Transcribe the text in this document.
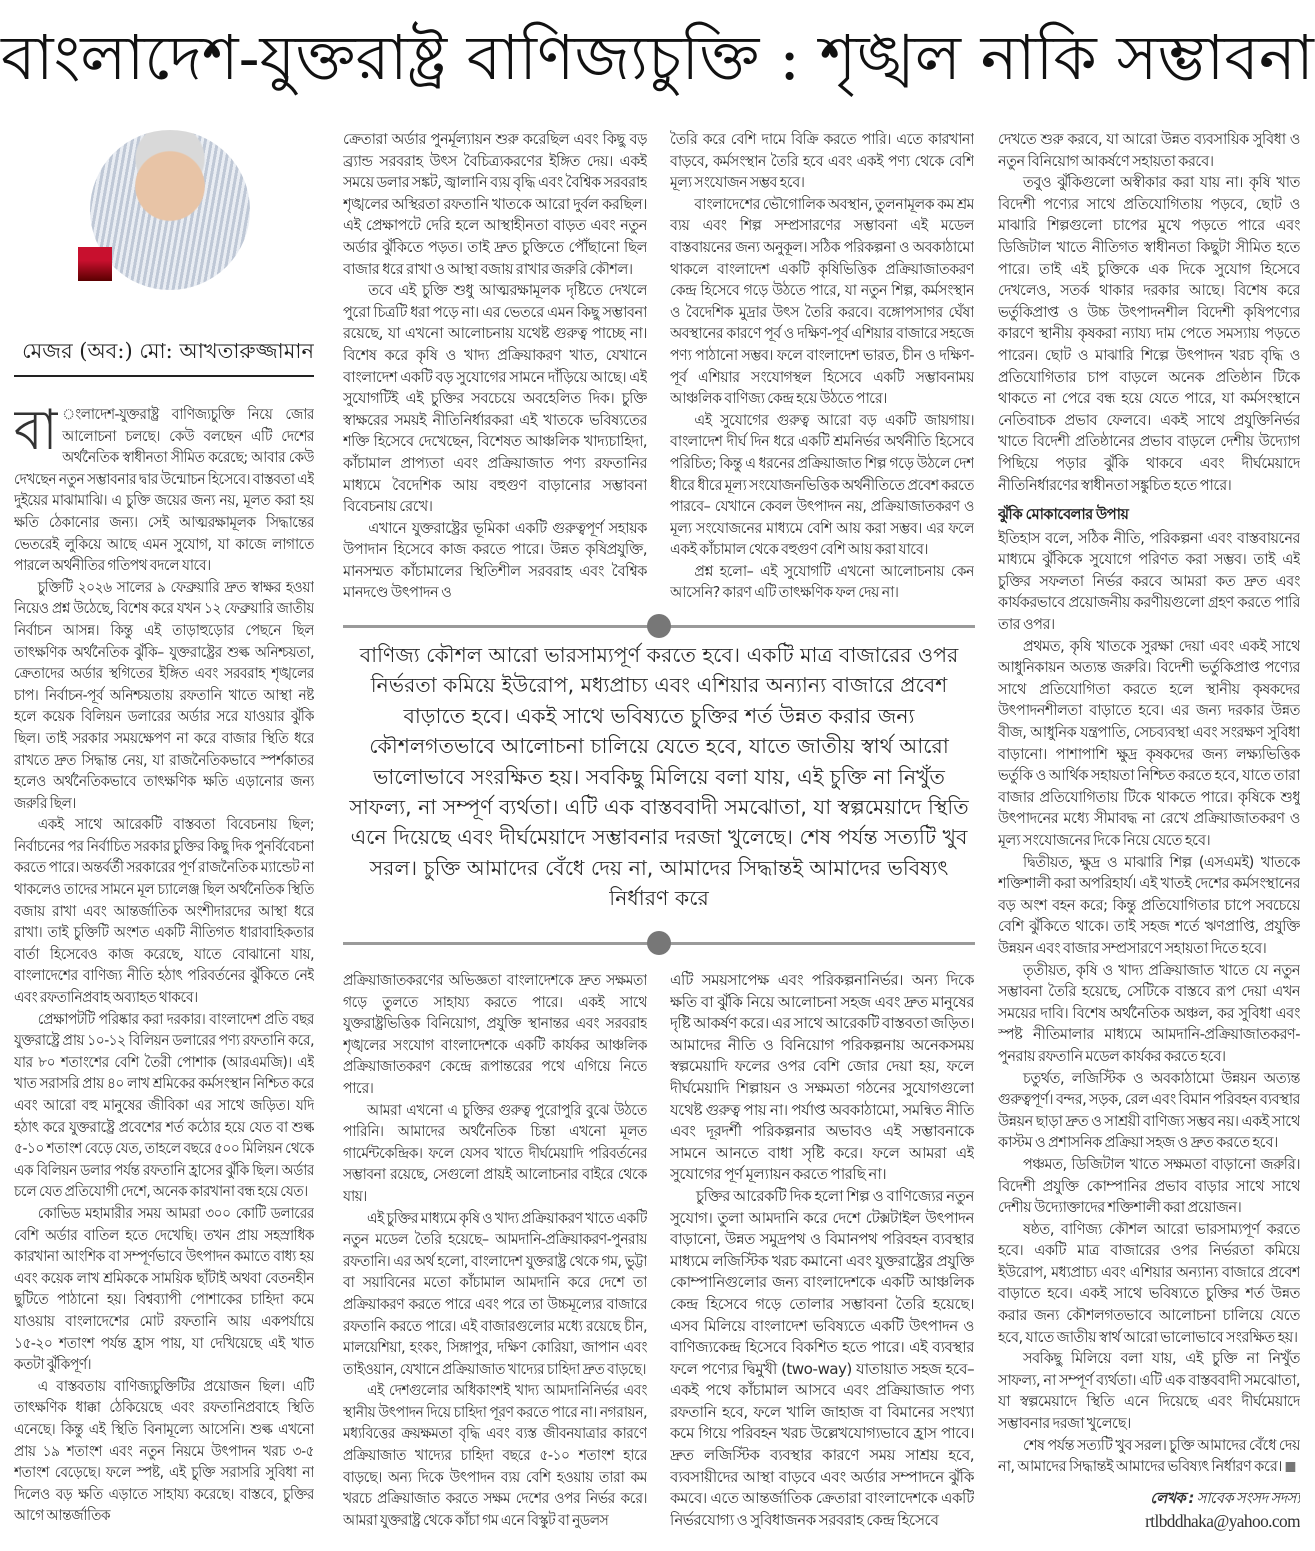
বাংলাদেশ-যুক্তরাষ্ট্র বাণিজ্যচুক্তি : শৃঙ্খল নাকি সম্ভাবনা
মেজর (অব:) মো: আখতারুজ্জামান

বা ংলাদেশ-যুক্তরাষ্ট্র বাণিজ্যচুক্তি নিয়ে জোর আলোচনা চলছে। কেউ বলছেন এটি দেশের অর্থনৈতিক স্বাধীনতা সীমিত করেছে; আবার কেউ দেখছেন নতুন সম্ভাবনার দ্বার উন্মোচন হিসেবে। বাস্তবতা এই দুইয়ের মাঝামাঝি। এ চুক্তি জয়ের জন্য নয়, মূলত করা হয় ক্ষতি ঠেকানোর জন্য। সেই আত্মরক্ষামূলক সিদ্ধান্তের ভেতরেই লুকিয়ে আছে এমন সুযোগ, যা কাজে লাগাতে পারলে অর্থনীতির গতিপথ বদলে যাবে।

চুক্তিটি ২০২৬ সালের ৯ ফেব্রুয়ারি দ্রুত স্বাক্ষর হওয়া নিয়েও প্রশ্ন উঠেছে, বিশেষ করে যখন ১২ ফেব্রুয়ারি জাতীয় নির্বাচন আসন্ন। কিন্তু এই তাড়াহুড়োর পেছনে ছিল তাৎক্ষণিক অর্থনৈতিক ঝুঁকি– যুক্তরাষ্ট্রের শুল্ক অনিশ্চয়তা, ক্রেতাদের অর্ডার স্থগিতের ইঙ্গিত এবং সরবরাহ শৃঙ্খলের চাপ। নির্বাচন-পূর্ব অনিশ্চয়তায় রফতানি খাতে আস্থা নষ্ট হলে কয়েক বিলিয়ন ডলারের অর্ডার সরে যাওয়ার ঝুঁকি ছিল। তাই সরকার সময়ক্ষেপণ না করে বাজার স্থিতি ধরে রাখতে দ্রুত সিদ্ধান্ত নেয়, যা রাজনৈতিকভাবে স্পর্শকাতর হলেও অর্থনৈতিকভাবে তাৎক্ষণিক ক্ষতি এড়ানোর জন্য জরুরি ছিল।

একই সাথে আরেকটি বাস্তবতা বিবেচনায় ছিল; নির্বাচনের পর নির্বাচিত সরকার চুক্তির কিছু দিক পুনর্বিবেচনা করতে পারে। অন্তর্বর্তী সরকারের পূর্ণ রাজনৈতিক ম্যান্ডেট না থাকলেও তাদের সামনে মূল চ্যালেঞ্জ ছিল অর্থনৈতিক স্থিতি বজায় রাখা এবং আন্তর্জাতিক অংশীদারদের আস্থা ধরে রাখা। তাই চুক্তিটি অংশত একটি নীতিগত ধারাবাহিকতার বার্তা হিসেবেও কাজ করেছে, যাতে বোঝানো যায়, বাংলাদেশের বাণিজ্য নীতি হঠাৎ পরিবর্তনের ঝুঁকিতে নেই এবং রফতানিপ্রবাহ অব্যাহত থাকবে।

প্রেক্ষাপটটি পরিষ্কার করা দরকার। বাংলাদেশ প্রতি বছর যুক্তরাষ্ট্রে প্রায় ১০-১২ বিলিয়ন ডলারের পণ্য রফতানি করে, যার ৮০ শতাংশের বেশি তৈরী পোশাক (আরএমজি)। এই খাত সরাসরি প্রায় ৪০ লাখ শ্রমিকের কর্মসংস্থান নিশ্চিত করে এবং আরো বহু মানুষের জীবিকা এর সাথে জড়িত। যদি হঠাৎ করে যুক্তরাষ্ট্রে প্রবেশের শর্ত কঠোর হয়ে যেত বা শুল্ক ৫-১০ শতাংশ বেড়ে যেত, তাহলে বছরে ৫০০ মিলিয়ন থেকে এক বিলিয়ন ডলার পর্যন্ত রফতানি হ্রাসের ঝুঁকি ছিল। অর্ডার চলে যেত প্রতিযোগী দেশে, অনেক কারখানা বন্ধ হয়ে যেত।

কোভিড মহামারীর সময় আমরা ৩০০ কোটি ডলারের বেশি অর্ডার বাতিল হতে দেখেছি। তখন প্রায় সহস্রাধিক কারখানা আংশিক বা সম্পূর্ণভাবে উৎপাদন কমাতে বাধ্য হয় এবং কয়েক লাখ শ্রমিককে সাময়িক ছাঁটাই অথবা বেতনহীন ছুটিতে পাঠানো হয়। বিশ্বব্যাপী পোশাকের চাহিদা কমে যাওয়ায় বাংলাদেশের মোট রফতানি আয় একপর্যায়ে ১৫-২০ শতাংশ পর্যন্ত হ্রাস পায়, যা দেখিয়েছে এই খাত কতটা ঝুঁকিপূর্ণ।

এ বাস্তবতায় বাণিজ্যচুক্তিটির প্রয়োজন ছিল। এটি তাৎক্ষণিক ধাক্কা ঠেকিয়েছে এবং রফতানিপ্রবাহে স্থিতি এনেছে। কিন্তু এই স্থিতি বিনামূল্যে আসেনি। শুল্ক এখনো প্রায় ১৯ শতাংশ এবং নতুন নিয়মে উৎপাদন খরচ ৩-৫ শতাংশ বেড়েছে। ফলে স্পষ্ট, এই চুক্তি সরাসরি সুবিধা না দিলেও বড় ক্ষতি এড়াতে সাহায্য করেছে। বাস্তবে, চুক্তির আগে আন্তর্জাতিক

ক্রেতারা অর্ডার পুনর্মূল্যায়ন শুরু করেছিল এবং কিছু বড় ব্র্যান্ড সরবরাহ উৎস বৈচিত্র্যকরণের ইঙ্গিত দেয়। একই সময়ে ডলার সঙ্কট, জ্বালানি ব্যয় বৃদ্ধি এবং বৈশ্বিক সরবরাহ শৃঙ্খলের অস্থিরতা রফতানি খাতকে আরো দুর্বল করছিল। এই প্রেক্ষাপটে দেরি হলে আস্থাহীনতা বাড়ত এবং নতুন অর্ডার ঝুঁকিতে পড়ত। তাই দ্রুত চুক্তিতে পৌঁছানো ছিল বাজার ধরে রাখা ও আস্থা বজায় রাখার জরুরি কৌশল।

তবে এই চুক্তি শুধু আত্মরক্ষামূলক দৃষ্টিতে দেখলে পুরো চিত্রটি ধরা পড়ে না। এর ভেতরে এমন কিছু সম্ভাবনা রয়েছে, যা এখনো আলোচনায় যথেষ্ট গুরুত্ব পাচ্ছে না। বিশেষ করে কৃষি ও খাদ্য প্রক্রিয়াকরণ খাত, যেখানে বাংলাদেশ একটি বড় সুযোগের সামনে দাঁড়িয়ে আছে। এই সুযোগটিই এই চুক্তির সবচেয়ে অবহেলিত দিক। চুক্তি স্বাক্ষরের সময়ই নীতিনির্ধারকরা এই খাতকে ভবিষ্যতের শক্তি হিসেবে দেখেছেন, বিশেষত আঞ্চলিক খাদ্যচাহিদা, কাঁচামাল প্রাপ্যতা এবং প্রক্রিয়াজাত পণ্য রফতানির মাধ্যমে বৈদেশিক আয় বহুগুণ বাড়ানোর সম্ভাবনা বিবেচনায় রেখে।

এখানে যুক্তরাষ্ট্রের ভূমিকা একটি গুরুত্বপূর্ণ সহায়ক উপাদান হিসেবে কাজ করতে পারে। উন্নত কৃষিপ্রযুক্তি, মানসম্মত কাঁচামালের স্থিতিশীল সরবরাহ এবং বৈশ্বিক মানদণ্ডে উৎপাদন ও

তৈরি করে বেশি দামে বিক্রি করতে পারি। এতে কারখানা বাড়বে, কর্মসংস্থান তৈরি হবে এবং একই পণ্য থেকে বেশি মূল্য সংযোজন সম্ভব হবে।

বাংলাদেশের ভৌগোলিক অবস্থান, তুলনামূলক কম শ্রম ব্যয় এবং শিল্প সম্প্রসারণের সম্ভাবনা এই মডেল বাস্তবায়নের জন্য অনুকূল। সঠিক পরিকল্পনা ও অবকাঠামো থাকলে বাংলাদেশ একটি কৃষিভিত্তিক প্রক্রিয়াজাতকরণ কেন্দ্র হিসেবে গড়ে উঠতে পারে, যা নতুন শিল্প, কর্মসংস্থান ও বৈদেশিক মুদ্রার উৎস তৈরি করবে। বঙ্গোপসাগর ঘেঁষা অবস্থানের কারণে পূর্ব ও দক্ষিণ-পূর্ব এশিয়ার বাজারে সহজে পণ্য পাঠানো সম্ভব। ফলে বাংলাদেশ ভারত, চীন ও দক্ষিণ-পূর্ব এশিয়ার সংযোগস্থল হিসেবে একটি সম্ভাবনাময় আঞ্চলিক বাণিজ্য কেন্দ্র হয়ে উঠতে পারে।

এই সুযোগের গুরুত্ব আরো বড় একটি জায়গায়। বাংলাদেশ দীর্ঘ দিন ধরে একটি শ্রমনির্ভর অর্থনীতি হিসেবে পরিচিত; কিন্তু এ ধরনের প্রক্রিয়াজাত শিল্প গড়ে উঠলে দেশ ধীরে ধীরে মূল্য সংযোজনভিত্তিক অর্থনীতিতে প্রবেশ করতে পারবে– যেখানে কেবল উৎপাদন নয়, প্রক্রিয়াজাতকরণ ও মূল্য সংযোজনের মাধ্যমে বেশি আয় করা সম্ভব। এর ফলে একই কাঁচামাল থেকে বহুগুণ বেশি আয় করা যাবে।

প্রশ্ন হলো– এই সুযোগটি এখনো আলোচনায় কেন আসেনি? কারণ এটি তাৎক্ষণিক ফল দেয় না।

বাণিজ্য কৌশল আরো ভারসাম্যপূর্ণ করতে হবে। একটি মাত্র বাজারের ওপর নির্ভরতা কমিয়ে ইউরোপ, মধ্যপ্রাচ্য এবং এশিয়ার অন্যান্য বাজারে প্রবেশ বাড়াতে হবে। একই সাথে ভবিষ্যতে চুক্তির শর্ত উন্নত করার জন্য কৌশলগতভাবে আলোচনা চালিয়ে যেতে হবে, যাতে জাতীয় স্বার্থ আরো ভালোভাবে সংরক্ষিত হয়। সবকিছু মিলিয়ে বলা যায়, এই চুক্তি না নিখুঁত সাফল্য, না সম্পূর্ণ ব্যর্থতা। এটি এক বাস্তববাদী সমঝোতা, যা স্বল্পমেয়াদে স্থিতি এনে দিয়েছে এবং দীর্ঘমেয়াদে সম্ভাবনার দরজা খুলেছে। শেষ পর্যন্ত সত্যটি খুব সরল। চুক্তি আমাদের বেঁধে দেয় না, আমাদের সিদ্ধান্তই আমাদের ভবিষ্যৎ নির্ধারণ করে

প্রক্রিয়াজাতকরণের অভিজ্ঞতা বাংলাদেশকে দ্রুত সক্ষমতা গড়ে তুলতে সাহায্য করতে পারে। একই সাথে যুক্তরাষ্ট্রভিত্তিক বিনিয়োগ, প্রযুক্তি স্থানান্তর এবং সরবরাহ শৃঙ্খলের সংযোগ বাংলাদেশকে একটি কার্যকর আঞ্চলিক প্রক্রিয়াজাতকরণ কেন্দ্রে রূপান্তরের পথে এগিয়ে নিতে পারে।

আমরা এখনো এ চুক্তির গুরুত্ব পুরোপুরি বুঝে উঠতে পারিনি। আমাদের অর্থনৈতিক চিন্তা এখনো মূলত গার্মেন্টকেন্দ্রিক। ফলে যেসব খাতে দীর্ঘমেয়াদি পরিবর্তনের সম্ভাবনা রয়েছে, সেগুলো প্রায়ই আলোচনার বাইরে থেকে যায়।

এই চুক্তির মাধ্যমে কৃষি ও খাদ্য প্রক্রিয়াকরণ খাতে একটি নতুন মডেল তৈরি হয়েছে– আমদানি-প্রক্রিয়াকরণ-পুনরায় রফতানি। এর অর্থ হলো, বাংলাদেশ যুক্তরাষ্ট্র থেকে গম, ভুট্টা বা সয়াবিনের মতো কাঁচামাল আমদানি করে দেশে তা প্রক্রিয়াকরণ করতে পারে এবং পরে তা উচ্চমূল্যের বাজারে রফতানি করতে পারে। এই বাজারগুলোর মধ্যে রয়েছে চীন, মালয়েশিয়া, হংকং, সিঙ্গাপুর, দক্ষিণ কোরিয়া, জাপান এবং তাইওয়ান, যেখানে প্রক্রিয়াজাত খাদ্যের চাহিদা দ্রুত বাড়ছে।

এই দেশগুলোর অধিকাংশই খাদ্য আমদানিনির্ভর এবং স্থানীয় উৎপাদন দিয়ে চাহিদা পূরণ করতে পারে না। নগরায়ন, মধ্যবিত্তের ক্রয়ক্ষমতা বৃদ্ধি এবং ব্যস্ত জীবনযাত্রার কারণে প্রক্রিয়াজাত খাদ্যের চাহিদা বছরে ৫-১০ শতাংশ হারে বাড়ছে। অন্য দিকে উৎপাদন ব্যয় বেশি হওয়ায় তারা কম খরচে প্রক্রিয়াজাত করতে সক্ষম দেশের ওপর নির্ভর করে। আমরা যুক্তরাষ্ট্র থেকে কাঁচা গম এনে বিস্কুট বা নুডলস

এটি সময়সাপেক্ষ এবং পরিকল্পনানির্ভর। অন্য দিকে ক্ষতি বা ঝুঁকি নিয়ে আলোচনা সহজ এবং দ্রুত মানুষের দৃষ্টি আকর্ষণ করে। এর সাথে আরেকটি বাস্তবতা জড়িত। আমাদের নীতি ও বিনিয়োগ পরিকল্পনায় অনেকসময় স্বল্পমেয়াদি ফলের ওপর বেশি জোর দেয়া হয়, ফলে দীর্ঘমেয়াদি শিল্পায়ন ও সক্ষমতা গঠনের সুযোগগুলো যথেষ্ট গুরুত্ব পায় না। পর্যাপ্ত অবকাঠামো, সমন্বিত নীতি এবং দূরদর্শী পরিকল্পনার অভাবও এই সম্ভাবনাকে সামনে আনতে বাধা সৃষ্টি করে। ফলে আমরা এই সুযোগের পূর্ণ মূল্যায়ন করতে পারছি না।

চুক্তির আরেকটি দিক হলো শিল্প ও বাণিজ্যের নতুন সুযোগ। তুলা আমদানি করে দেশে টেক্সটাইল উৎপাদন বাড়ানো, উন্নত সমুদ্রপথ ও বিমানপথ পরিবহন ব্যবস্থার মাধ্যমে লজিস্টিক খরচ কমানো এবং যুক্তরাষ্ট্রের প্রযুক্তি কোম্পানিগুলোর জন্য বাংলাদেশকে একটি আঞ্চলিক কেন্দ্র হিসেবে গড়ে তোলার সম্ভাবনা তৈরি হয়েছে। এসব মিলিয়ে বাংলাদেশ ভবিষ্যতে একটি উৎপাদন ও বাণিজ্যকেন্দ্র হিসেবে বিকশিত হতে পারে। এই ব্যবস্থার ফলে পণ্যের দ্বিমুখী (two-way) যাতায়াত সহজ হবে– একই পথে কাঁচামাল আসবে এবং প্রক্রিয়াজাত পণ্য রফতানি হবে, ফলে খালি জাহাজ বা বিমানের সংখ্যা কমে গিয়ে পরিবহন খরচ উল্লেখযোগ্যভাবে হ্রাস পাবে। দ্রুত লজিস্টিক ব্যবস্থার কারণে সময় সাশ্রয় হবে, ব্যবসায়ীদের আস্থা বাড়বে এবং অর্ডার সম্পাদনে ঝুঁকি কমবে। এতে আন্তর্জাতিক ক্রেতারা বাংলাদেশকে একটি নির্ভরযোগ্য ও সুবিধাজনক সরবরাহ কেন্দ্র হিসেবে

দেখতে শুরু করবে, যা আরো উন্নত ব্যবসায়িক সুবিধা ও নতুন বিনিয়োগ আকর্ষণে সহায়তা করবে।

তবুও ঝুঁকিগুলো অস্বীকার করা যায় না। কৃষি খাত বিদেশী পণ্যের সাথে প্রতিযোগিতায় পড়বে, ছোট ও মাঝারি শিল্পগুলো চাপের মুখে পড়তে পারে এবং ডিজিটাল খাতে নীতিগত স্বাধীনতা কিছুটা সীমিত হতে পারে। তাই এই চুক্তিকে এক দিকে সুযোগ হিসেবে দেখলেও, সতর্ক থাকার দরকার আছে। বিশেষ করে ভর্তুকিপ্রাপ্ত ও উচ্চ উৎপাদনশীল বিদেশী কৃষিপণ্যের কারণে স্থানীয় কৃষকরা ন্যায্য দাম পেতে সমস্যায় পড়তে পারেন। ছোট ও মাঝারি শিল্পে উৎপাদন খরচ বৃদ্ধি ও প্রতিযোগিতার চাপ বাড়লে অনেক প্রতিষ্ঠান টিকে থাকতে না পেরে বন্ধ হয়ে যেতে পারে, যা কর্মসংস্থানে নেতিবাচক প্রভাব ফেলবে। একই সাথে প্রযুক্তিনির্ভর খাতে বিদেশী প্রতিষ্ঠানের প্রভাব বাড়লে দেশীয় উদ্যোগ পিছিয়ে পড়ার ঝুঁকি থাকবে এবং দীর্ঘমেয়াদে নীতিনির্ধারণের স্বাধীনতা সঙ্কুচিত হতে পারে।

ঝুঁকি মোকাবেলার উপায়

ইতিহাস বলে, সঠিক নীতি, পরিকল্পনা এবং বাস্তবায়নের মাধ্যমে ঝুঁকিকে সুযোগে পরিণত করা সম্ভব। তাই এই চুক্তির সফলতা নির্ভর করবে আমরা কত দ্রুত এবং কার্যকরভাবে প্রয়োজনীয় করণীয়গুলো গ্রহণ করতে পারি তার ওপর।

প্রথমত, কৃষি খাতকে সুরক্ষা দেয়া এবং একই সাথে আধুনিকায়ন অত্যন্ত জরুরি। বিদেশী ভর্তুকিপ্রাপ্ত পণ্যের সাথে প্রতিযোগিতা করতে হলে স্থানীয় কৃষকদের উৎপাদনশীলতা বাড়াতে হবে। এর জন্য দরকার উন্নত বীজ, আধুনিক যন্ত্রপাতি, সেচব্যবস্থা এবং সংরক্ষণ সুবিধা বাড়ানো। পাশাপাশি ক্ষুদ্র কৃষকদের জন্য লক্ষ্যভিত্তিক ভর্তুকি ও আর্থিক সহায়তা নিশ্চিত করতে হবে, যাতে তারা বাজার প্রতিযোগিতায় টিকে থাকতে পারে। কৃষিকে শুধু উৎপাদনের মধ্যে সীমাবদ্ধ না রেখে প্রক্রিয়াজাতকরণ ও মূল্য সংযোজনের দিকে নিয়ে যেতে হবে।

দ্বিতীয়ত, ক্ষুদ্র ও মাঝারি শিল্প (এসএমই) খাতকে শক্তিশালী করা অপরিহার্য। এই খাতই দেশের কর্মসংস্থানের বড় অংশ বহন করে; কিন্তু প্রতিযোগিতার চাপে সবচেয়ে বেশি ঝুঁকিতে থাকে। তাই সহজ শর্তে ঋণপ্রাপ্তি, প্রযুক্তি উন্নয়ন এবং বাজার সম্প্রসারণে সহায়তা দিতে হবে।

তৃতীয়ত, কৃষি ও খাদ্য প্রক্রিয়াজাত খাতে যে নতুন সম্ভাবনা তৈরি হয়েছে, সেটিকে বাস্তবে রূপ দেয়া এখন সময়ের দাবি। বিশেষ অর্থনৈতিক অঞ্চল, কর সুবিধা এবং স্পষ্ট নীতিমালার মাধ্যমে আমদানি-প্রক্রিয়াজাতকরণ-পুনরায় রফতানি মডেল কার্যকর করতে হবে।

চতুর্থত, লজিস্টিক ও অবকাঠামো উন্নয়ন অত্যন্ত গুরুত্বপূর্ণ। বন্দর, সড়ক, রেল এবং বিমান পরিবহন ব্যবস্থার উন্নয়ন ছাড়া দ্রুত ও সাশ্রয়ী বাণিজ্য সম্ভব নয়। একই সাথে কাস্টম ও প্রশাসনিক প্রক্রিয়া সহজ ও দ্রুত করতে হবে।

পঞ্চমত, ডিজিটাল খাতে সক্ষমতা বাড়ানো জরুরি। বিদেশী প্রযুক্তি কোম্পানির প্রভাব বাড়ার সাথে সাথে দেশীয় উদ্যোক্তাদের শক্তিশালী করা প্রয়োজন।

ষষ্ঠত, বাণিজ্য কৌশল আরো ভারসাম্যপূর্ণ করতে হবে। একটি মাত্র বাজারের ওপর নির্ভরতা কমিয়ে ইউরোপ, মধ্যপ্রাচ্য এবং এশিয়ার অন্যান্য বাজারে প্রবেশ বাড়াতে হবে। একই সাথে ভবিষ্যতে চুক্তির শর্ত উন্নত করার জন্য কৌশলগতভাবে আলোচনা চালিয়ে যেতে হবে, যাতে জাতীয় স্বার্থ আরো ভালোভাবে সংরক্ষিত হয়।

সবকিছু মিলিয়ে বলা যায়, এই চুক্তি না নিখুঁত সাফল্য, না সম্পূর্ণ ব্যর্থতা। এটি এক বাস্তববাদী সমঝোতা, যা স্বল্পমেয়াদে স্থিতি এনে দিয়েছে এবং দীর্ঘমেয়াদে সম্ভাবনার দরজা খুলেছে।

শেষ পর্যন্ত সত্যটি খুব সরল। চুক্তি আমাদের বেঁধে দেয় না, আমাদের সিদ্ধান্তই আমাদের ভবিষ্যৎ নির্ধারণ করে।

লেখক : সাবেক সংসদ সদস্য

rtlbddhaka@yahoo.com
